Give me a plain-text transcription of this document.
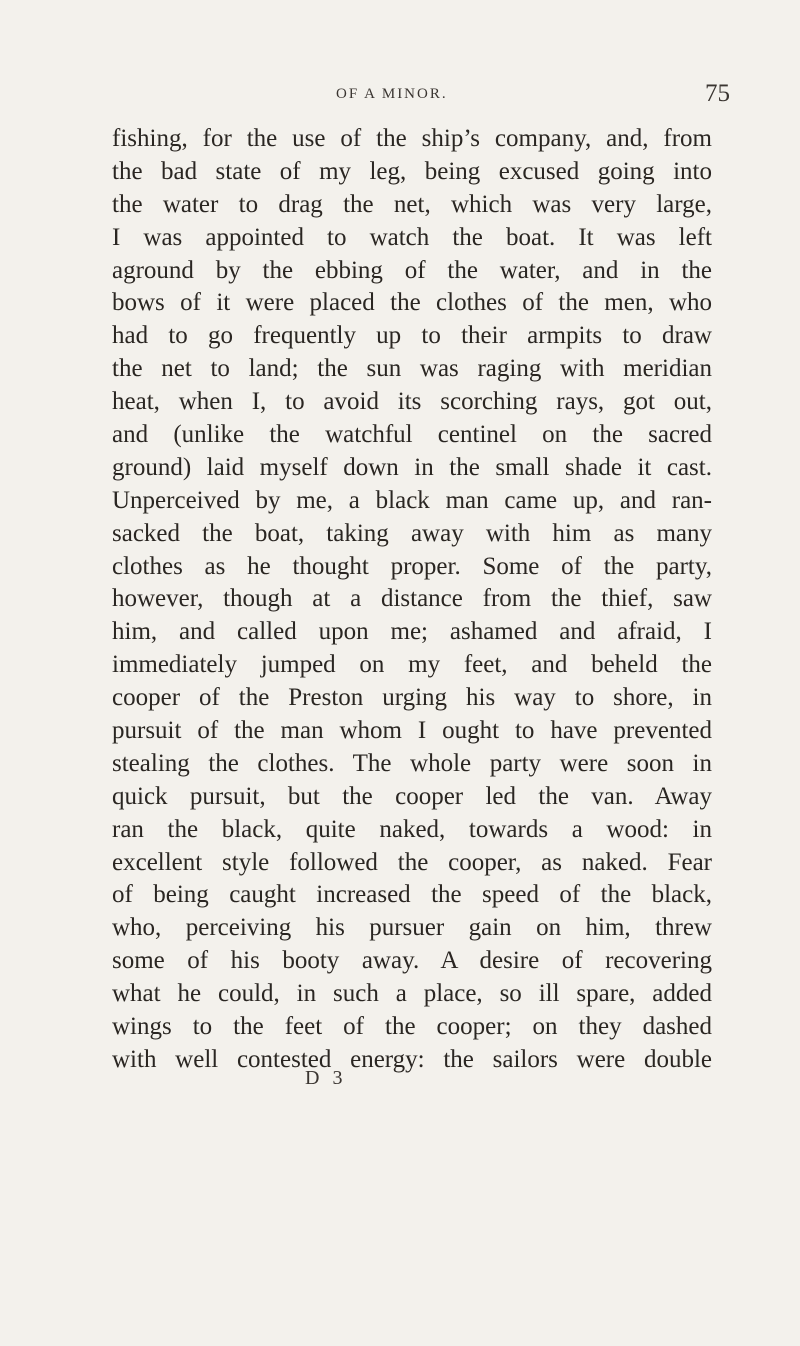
OF A MINOR.	75
fishing, for the use of the ship’s company, and, from
the bad state of my leg, being excused going into
the water to drag the net, which was very large,
I was appointed to watch the boat. It was left
aground by the ebbing of the water, and in the
bows of it were placed the clothes of the men, who
had to go frequently up to their armpits to draw
the net to land; the sun was raging with meridian
heat, when I, to avoid its scorching rays, got out,
and (unlike the watchful centinel on the sacred
ground) laid myself down in the small shade it cast.
Unperceived by me, a black man came up, and ran-
sacked the boat, taking away with him as many
clothes as he thought proper. Some of the party,
however, though at a distance from the thief, saw
him, and called upon me; ashamed and afraid, I
immediately jumped on my feet, and beheld the
cooper of the Preston urging his way to shore, in
pursuit of the man whom I ought to have prevented
stealing the clothes. The whole party were soon in
quick pursuit, but the cooper led the van. Away
ran the black, quite naked, towards a wood: in
excellent style followed the cooper, as naked. Fear
of being caught increased the speed of the black,
who, perceiving his pursuer gain on him, threw
some of his booty away. A desire of recovering
what he could, in such a place, so ill spare, added
wings to the feet of the cooper; on they dashed
with well contested energy: the sailors were double
D 3
